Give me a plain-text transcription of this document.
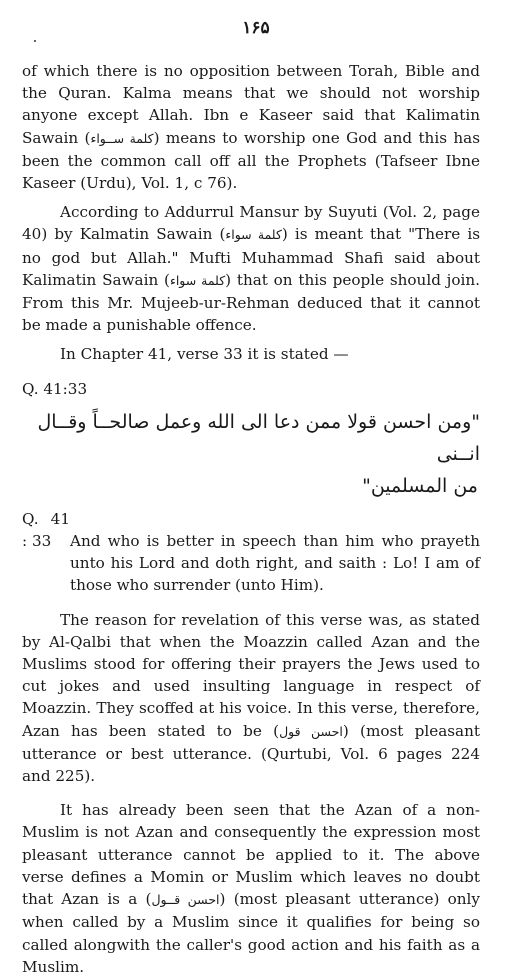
۱۶۵

of which there is no opposition between Torah, Bible and the Quran. Kalma means that we should not worship anyone except Allah. Ibn e Kaseer said that Kalimatin Sawain (كلمة ســواء) means to worship one God and this has been the common call off all the Prophets (Tafseer Ibne Kaseer (Urdu), Vol. 1, c 76).

According to Addurrul Mansur by Suyuti (Vol. 2, page 40) by Kalmatin Sawain (كلمة سواء) is meant that "There is no god but Allah." Mufti Muhammad Shafi said about Kalimatin Sawain (كلمة سواء) that on this people should join. From this Mr. Mujeeb-ur-Rehman deduced that it cannot be made a punishable offence.

In Chapter 41, verse 33 it is stated —

Q. 41:33

"ومن احسن قولا ممن دعا الى الله وعمل صالحــاً وقــال انــنى
من المسلمين"

Q. 41 : 33 And who is better in speech than him who prayeth unto his Lord and doth right, and saith : Lo! I am of those who surrender (unto Him).

The reason for revelation of this verse was, as stated by Al-Qalbi that when the Moazzin called Azan and the Muslims stood for offering their prayers the Jews used to cut jokes and used insulting language in respect of Moazzin. They scoffed at his voice. In this verse, therefore, Azan has been stated to be (احسن قول) (most pleasant utterance or best utterance. (Qurtubi, Vol. 6 pages 224 and 225).

It has already been seen that the Azan of a non-Muslim is not Azan and consequently the expression most pleasant utterance cannot be applied to it. The above verse defines a Momin or Muslim which leaves no doubt that Azan is a (احسن قــول) (most pleasant utterance) only when called by a Muslim since it qualifies for being so called alongwith the caller's good action and his faith as a Muslim.
